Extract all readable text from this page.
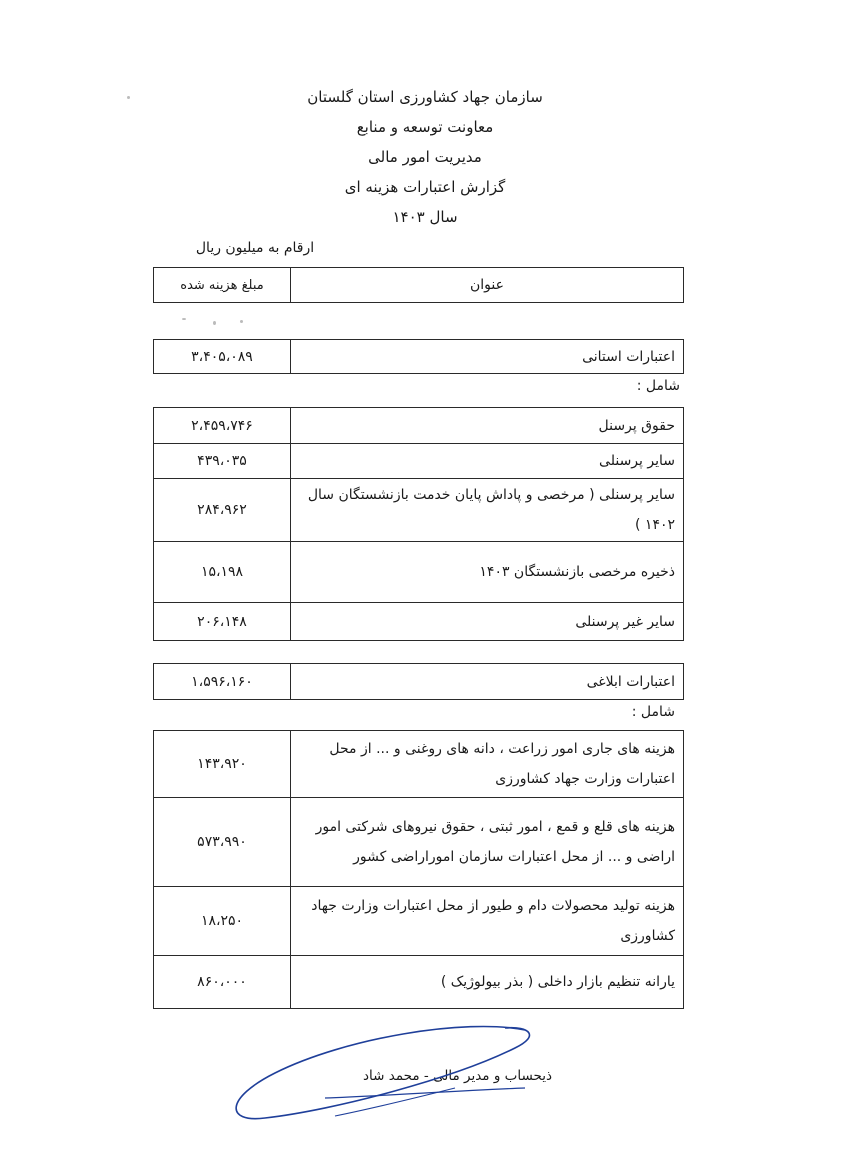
سازمان جهاد کشاورزی استان گلستان
معاونت توسعه و منابع
مدیریت امور مالی
گزارش اعتبارات هزینه ای
سال ۱۴۰۳
ارقام به میلیون ریال
عنوان	مبلغ هزینه شده
اعتبارات استانی	۳،۴۰۵،۰۸۹
شامل :
حقوق پرسنل	۲،۴۵۹،۷۴۶
سایر پرسنلی	۴۳۹،۰۳۵
سایر پرسنلی ( مرخصی و پاداش پایان خدمت بازنشستگان سال ۱۴۰۲ )	۲۸۴،۹۶۲
ذخیره مرخصی بازنشستگان ۱۴۰۳	۱۵،۱۹۸
سایر غیر پرسنلی	۲۰۶،۱۴۸
اعتبارات ابلاغی	۱،۵۹۶،۱۶۰
شامل :
هزینه های جاری امور زراعت ، دانه های روغنی و ... از محل اعتبارات وزارت جهاد کشاورزی	۱۴۳،۹۲۰
هزینه های قلع و قمع ، امور ثبتی ، حقوق نیروهای شرکتی امور اراضی و ... از محل اعتبارات سازمان اموراراضی کشور	۵۷۳،۹۹۰
هزینه تولید محصولات دام و طیور از محل اعتبارات وزارت جهاد کشاورزی	۱۸،۲۵۰
یارانه تنظیم بازار داخلی ( بذر بیولوژیک )	۸۶۰،۰۰۰
ذیحساب و مدیر مالی - محمد شاد
